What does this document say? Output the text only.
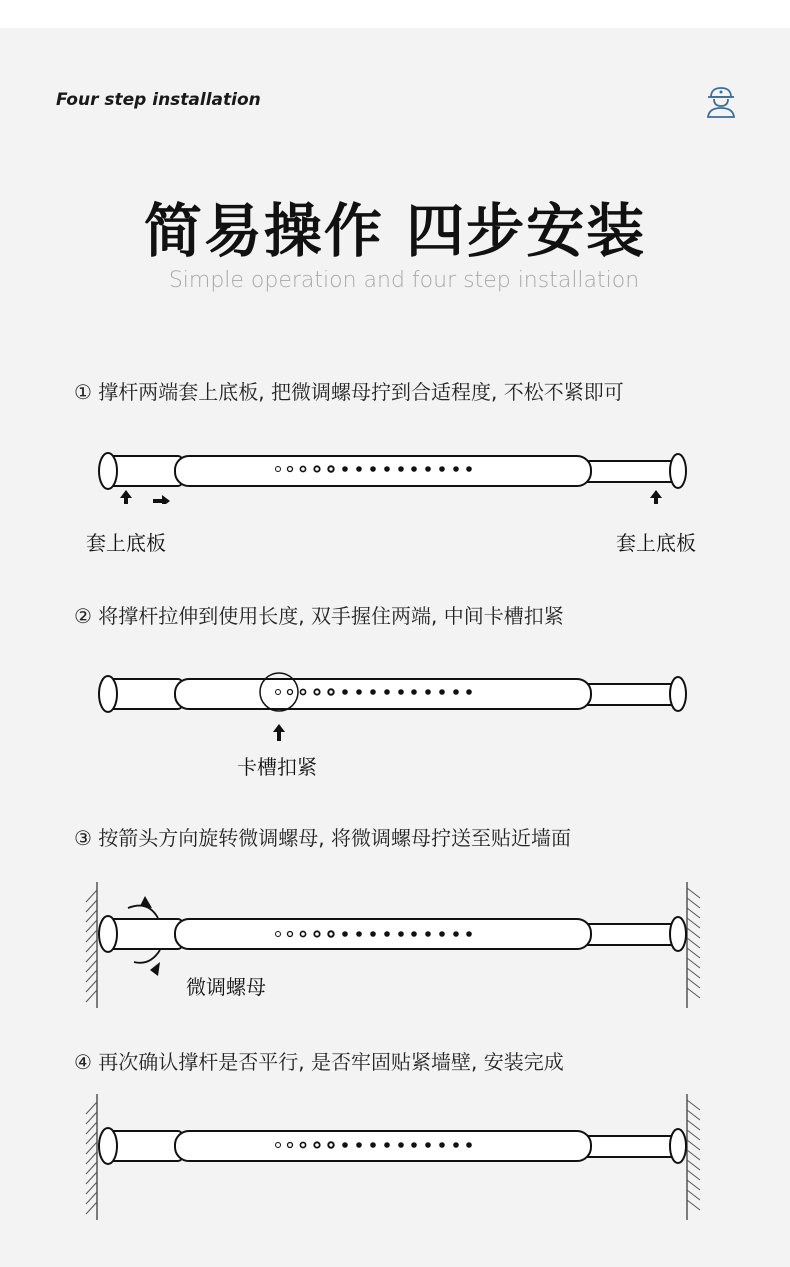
Four step installation
简易操作 四步安装
Simple operation and four step installation
① 撑杆两端套上底板, 把微调螺母拧到合适程度, 不松不紧即可
套上底板	套上底板
② 将撑杆拉伸到使用长度, 双手握住两端, 中间卡槽扣紧
卡槽扣紧
③ 按箭头方向旋转微调螺母, 将微调螺母拧送至贴近墙面
微调螺母
④ 再次确认撑杆是否平行, 是否牢固贴紧墙壁, 安装完成
